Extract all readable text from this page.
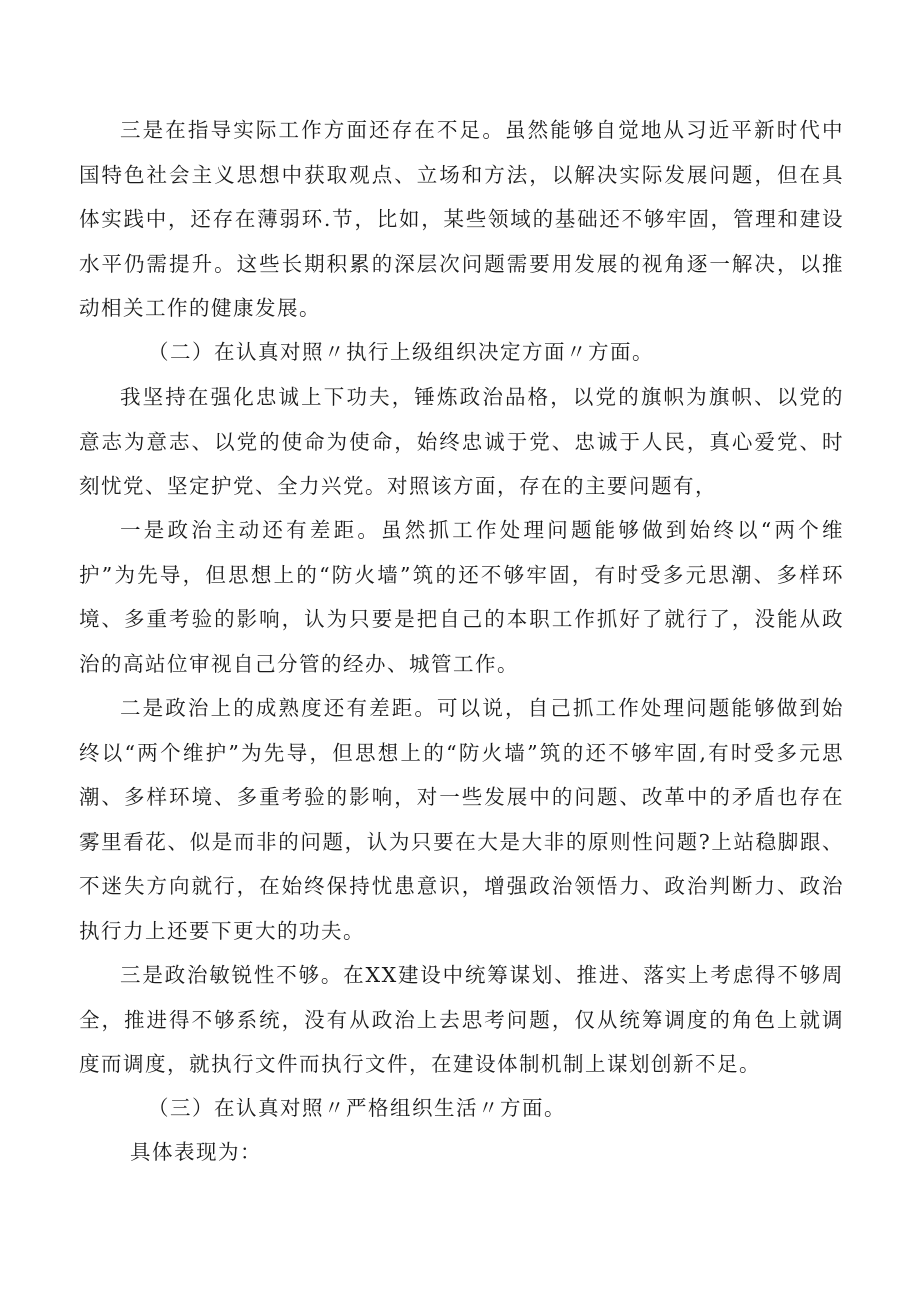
三是在指导实际工作方面还存在不足。虽然能够自觉地从习近平新时代中国特色社会主义思想中获取观点、立场和方法，以解决实际发展问题，但在具体实践中，还存在薄弱环.节，比如，某些领域的基础还不够牢固，管理和建设水平仍需提升。这些长期积累的深层次问题需要用发展的视角逐一解决，以推动相关工作的健康发展。

（二）在认真对照〃执行上级组织决定方面〃方面。

我坚持在强化忠诚上下功夫，锤炼政治品格，以党的旗帜为旗帜、以党的意志为意志、以党的使命为使命，始终忠诚于党、忠诚于人民，真心爱党、时刻忧党、坚定护党、全力兴党。对照该方面，存在的主要问题有，

一是政治主动还有差距。虽然抓工作处理问题能够做到始终以“两个维护”为先导，但思想上的“防火墙”筑的还不够牢固，有时受多元思潮、多样环境、多重考验的影响，认为只要是把自己的本职工作抓好了就行了，没能从政治的高站位审视自己分管的经办、城管工作。

二是政治上的成熟度还有差距。可以说，自己抓工作处理问题能够做到始终以“两个维护”为先导，但思想上的“防火墙”筑的还不够牢固,有时受多元思潮、多样环境、多重考验的影响，对一些发展中的问题、改革中的矛盾也存在雾里看花、似是而非的问题，认为只要在大是大非的原则性问题?上站稳脚跟、不迷失方向就行，在始终保持忧患意识，增强政治领悟力、政治判断力、政治执行力上还要下更大的功夫。

三是政治敏锐性不够。在XX建设中统筹谋划、推进、落实上考虑得不够周全，推进得不够系统，没有从政治上去思考问题，仅从统筹调度的角色上就调度而调度，就执行文件而执行文件，在建设体制机制上谋划创新不足。

（三）在认真对照〃严格组织生活〃方面。

具体表现为：
